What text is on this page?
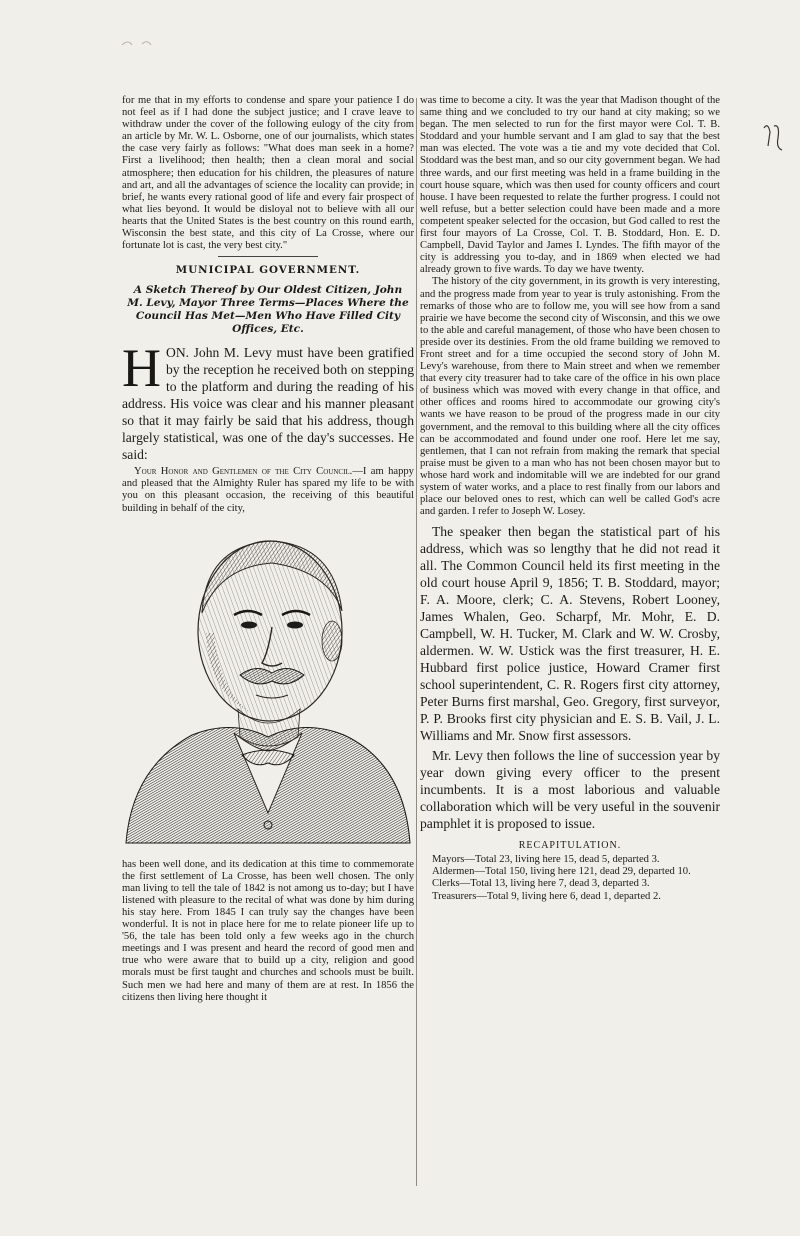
for me that in my efforts to condense and spare your patience I do not feel as if I had done the subject justice; and I crave leave to withdraw under the cover of the following eulogy of the city from an article by Mr. W. L. Osborne, one of our journalists, which states the case very fairly as follows: "What does man seek in a home? First a livelihood; then health; then a clean moral and social atmosphere; then education for his children, the pleasures of nature and art, and all the advantages of science the locality can provide; in brief, he wants every rational good of life and every fair prospect of what lies beyond. It would be disloyal not to believe with all our hearts that the United States is the best country on this round earth, Wisconsin the best state, and this city of La Crosse, where our fortunate lot is cast, the very best city."

MUNICIPAL GOVERNMENT.
A Sketch Thereof by Our Oldest Citizen, John M. Levy, Mayor Three Terms—Places Where the Council Has Met—Men Who Have Filled City Offices, Etc.
H ON. John M. Levy must have been gratified by the reception he received both on stepping to the platform and during the reading of his address. His voice was clear and his manner pleasant so that it may fairly be said that his address, though largely statistical, was one of the day's successes. He said:

Your Honor and Gentlemen of the City Council.—I am happy and pleased that the Almighty Ruler has spared my life to be with you on this pleasant occasion, the receiving of this beautiful building in behalf of the city,

has been well done, and its dedication at this time to commemorate the first settlement of La Crosse, has been well chosen. The only man living to tell the tale of 1842 is not among us to-day; but I have listened with pleasure to the recital of what was done by him during his stay here. From 1845 I can truly say the changes have been wonderful. It is not in place here for me to relate pioneer life up to '56, the tale has been told only a few weeks ago in the church meetings and I was present and heard the record of good men and true who were aware that to build up a city, religion and good morals must be first taught and churches and schools must be built. Such men we had here and many of them are at rest. In 1856 the citizens then living here thought it

was time to become a city. It was the year that Madison thought of the same thing and we concluded to try our hand at city making; so we began. The men selected to run for the first mayor were Col. T. B. Stoddard and your humble servant and I am glad to say that the best man was elected. The vote was a tie and my vote decided that Col. Stoddard was the best man, and so our city government began. We had three wards, and our first meeting was held in a frame building in the court house square, which was then used for county officers and court house. I have been requested to relate the further progress. I could not well refuse, but a better selection could have been made and a more competent speaker selected for the occasion, but God called to rest the first four mayors of La Crosse, Col. T. B. Stoddard, Hon. E. D. Campbell, David Taylor and James I. Lyndes. The fifth mayor of the city is addressing you to-day, and in 1869 when elected we had already grown to five wards. To day we have twenty.

The history of the city government, in its growth is very interesting, and the progress made from year to year is truly astonishing. From the remarks of those who are to follow me, you will see how from a sand prairie we have become the second city of Wisconsin, and this we owe to the able and careful management, of those who have been chosen to preside over its destinies. From the old frame building we removed to Front street and for a time occupied the second story of John M. Levy's warehouse, from there to Main street and when we remember that every city treasurer had to take care of the office in his own place of business which was moved with every change in that office, and other offices and rooms hired to accommodate our growing city's wants we have reason to be proud of the progress made in our city government, and the removal to this building where all the city offices can be accommodated and found under one roof. Here let me say, gentlemen, that I can not refrain from making the remark that special praise must be given to a man who has not been chosen mayor but to whose hard work and indomitable will we are indebted for our grand system of water works, and a place to rest finally from our labors and place our beloved ones to rest, which can well be called God's acre and garden. I refer to Joseph W. Losey.

The speaker then began the statistical part of his address, which was so lengthy that he did not read it all. The Common Council held its first meeting in the old court house April 9, 1856; T. B. Stoddard, mayor; F. A. Moore, clerk; C. A. Stevens, Robert Looney, James Whalen, Geo. Scharpf, Mr. Mohr, E. D. Campbell, W. H. Tucker, M. Clark and W. W. Crosby, aldermen. W. W. Ustick was the first treasurer, H. E. Hubbard first police justice, Howard Cramer first school superintendent, C. R. Rogers first city attorney, Peter Burns first marshal, Geo. Gregory, first surveyor, P. P. Brooks first city physician and E. S. B. Vail, J. L. Williams and Mr. Snow first assessors.

Mr. Levy then follows the line of succession year by year down giving every officer to the present incumbents. It is a most laborious and valuable collaboration which will be very useful in the souvenir pamphlet it is proposed to issue.

RECAPITULATION.

Mayors—Total 23, living here 15, dead 5, departed 3.

Aldermen—Total 150, living here 121, dead 29, departed 10.

Clerks—Total 13, living here 7, dead 3, departed 3.

Treasurers—Total 9, living here 6, dead 1, departed 2.
